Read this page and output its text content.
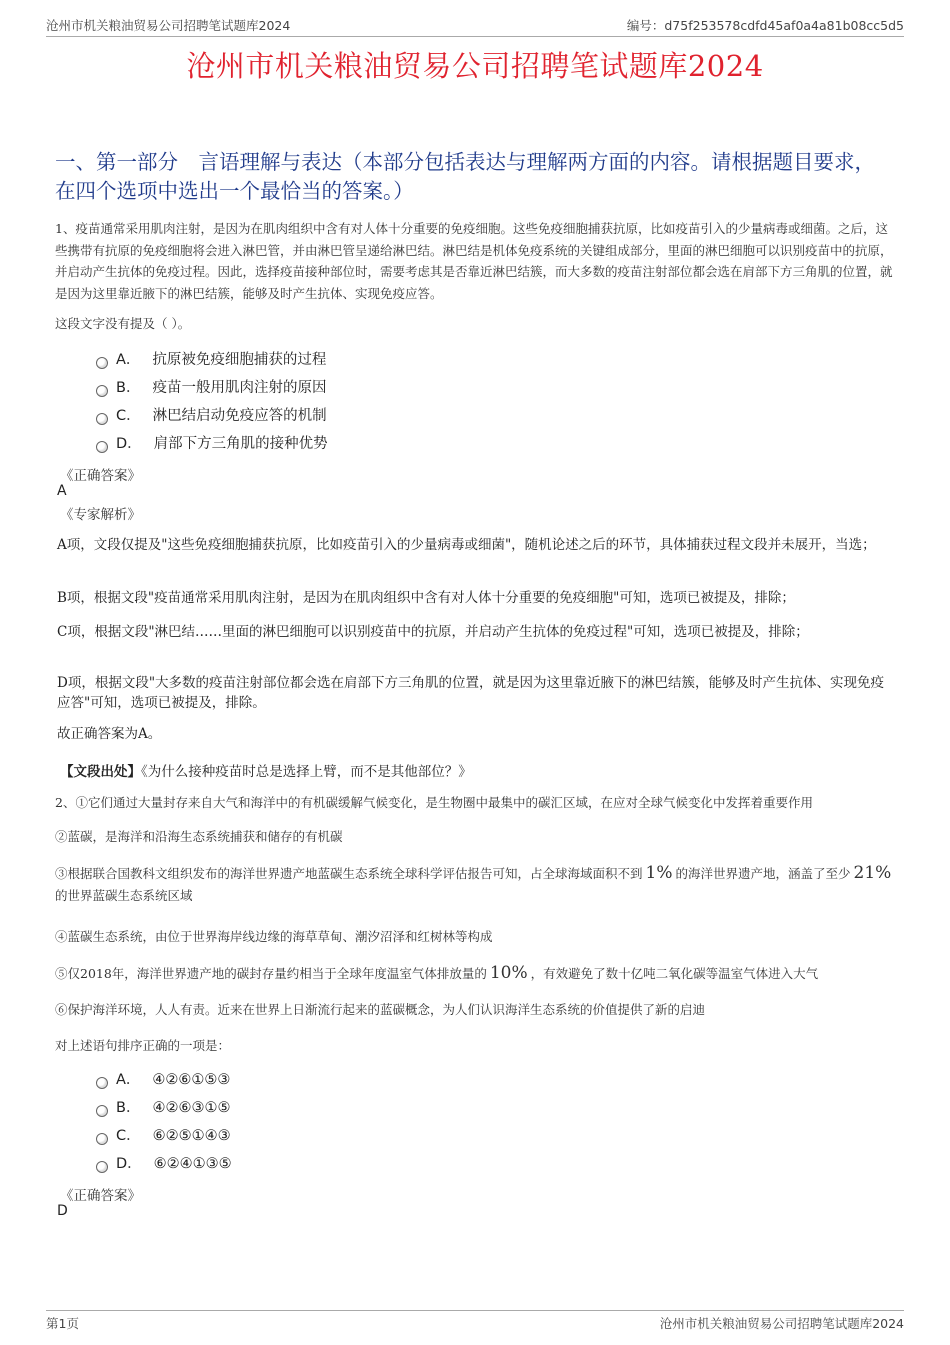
沧州市机关粮油贸易公司招聘笔试题库2024	编号：d75f253578cdfd45af0a4a81b08cc5d5
沧州市机关粮油贸易公司招聘笔试题库2024
一、第一部分　言语理解与表达（本部分包括表达与理解两方面的内容。请根据题目要求，在四个选项中选出一个最恰当的答案。）
1、疫苗通常采用肌肉注射，是因为在肌肉组织中含有对人体十分重要的免疫细胞。这些免疫细胞捕获抗原，比如疫苗引入的少量病毒或细菌。之后，这些携带有抗原的免疫细胞将会进入淋巴管，并由淋巴管呈递给淋巴结。淋巴结是机体免疫系统的关键组成部分，里面的淋巴细胞可以识别疫苗中的抗原，并启动产生抗体的免疫过程。因此，选择疫苗接种部位时，需要考虑其是否靠近淋巴结簇，而大多数的疫苗注射部位都会选在肩部下方三角肌的位置，就是因为这里靠近腋下的淋巴结簇，能够及时产生抗体、实现免疫应答。
这段文字没有提及（ ）。
A． 抗原被免疫细胞捕获的过程
B． 疫苗一般用肌肉注射的原因
C． 淋巴结启动免疫应答的机制
D． 肩部下方三角肌的接种优势
《正确答案》
A
《专家解析》
A项，文段仅提及"这些免疫细胞捕获抗原，比如疫苗引入的少量病毒或细菌"，随机论述之后的环节，具体捕获过程文段并未展开，当选；
B项，根据文段"疫苗通常采用肌肉注射，是因为在肌肉组织中含有对人体十分重要的免疫细胞"可知，选项已被提及，排除；
C项，根据文段"淋巴结……里面的淋巴细胞可以识别疫苗中的抗原，并启动产生抗体的免疫过程"可知，选项已被提及，排除；
D项，根据文段"大多数的疫苗注射部位都会选在肩部下方三角肌的位置，就是因为这里靠近腋下的淋巴结簇，能够及时产生抗体、实现免疫应答"可知，选项已被提及，排除。
故正确答案为A。
【文段出处】《为什么接种疫苗时总是选择上臂，而不是其他部位？》
2、①它们通过大量封存来自大气和海洋中的有机碳缓解气候变化，是生物圈中最集中的碳汇区域，在应对全球气候变化中发挥着重要作用
②蓝碳，是海洋和沿海生态系统捕获和储存的有机碳
③根据联合国教科文组织发布的海洋世界遗产地蓝碳生态系统全球科学评估报告可知，占全球海域面积不到 1% 的海洋世界遗产地，涵盖了至少 21%的世界蓝碳生态系统区域
④蓝碳生态系统，由位于世界海岸线边缘的海草草甸、潮汐沼泽和红树林等构成
⑤仅2018年，海洋世界遗产地的碳封存量约相当于全球年度温室气体排放量的 10% ，有效避免了数十亿吨二氧化碳等温室气体进入大气
⑥保护海洋环境，人人有责。近来在世界上日渐流行起来的蓝碳概念，为人们认识海洋生态系统的价值提供了新的启迪
对上述语句排序正确的一项是：
A． ④②⑥①⑤③
B． ④②⑥③①⑤
C． ⑥②⑤①④③
D． ⑥②④①③⑤
《正确答案》
D
第1页	沧州市机关粮油贸易公司招聘笔试题库2024
